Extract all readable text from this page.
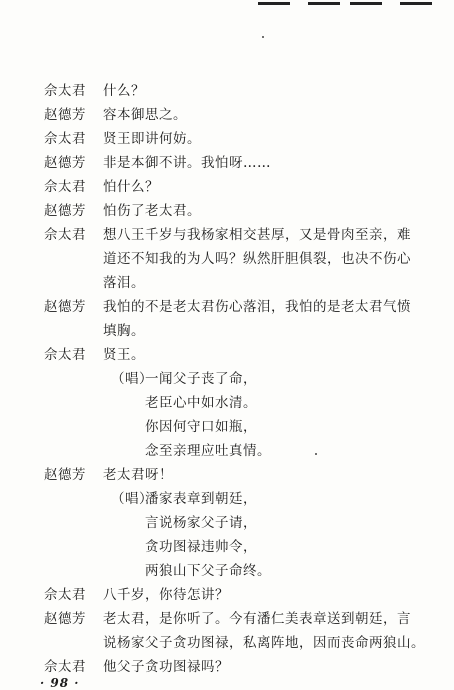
佘太君 什么？
赵德芳 容本御思之。
佘太君 贤王即讲何妨。
赵德芳 非是本御不讲。我怕呀……
佘太君 怕什么？
赵德芳 怕伤了老太君。
佘太君 想八王千岁与我杨家相交甚厚，又是骨肉至亲，难
道还不知我的为人吗？纵然肝胆俱裂，也决不伤心
落泪。
赵德芳 我怕的不是老太君伤心落泪，我怕的是老太君气愤
填胸。
佘太君 贤王。
（唱）
一闻父子丧了命，
老臣心中如水清。
你因何守口如瓶，
念至亲理应吐真情。
赵德芳 老太君呀！
（唱）
潘家表章到朝廷，
言说杨家父子请，
贪功图禄违帅令，
两狼山下父子命终。
佘太君 八千岁，你待怎讲？
赵德芳 老太君，是你听了。今有潘仁美表章送到朝廷，言
说杨家父子贪功图禄，私离阵地，因而丧命两狼山。
佘太君 他父子贪功图禄吗？
· 98 ·
